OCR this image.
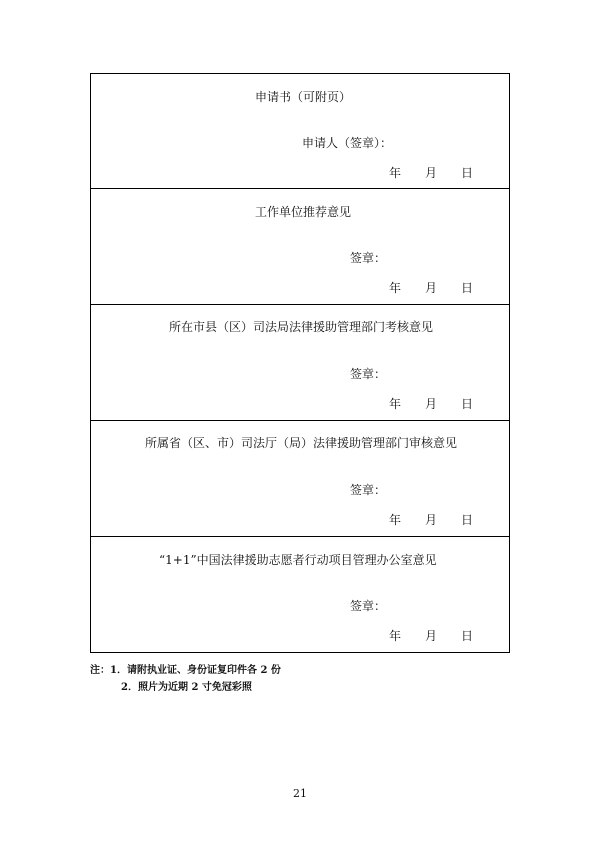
申请书（可附页）
申请人（签章）：
年 月 日
工作单位推荐意见
签章：
年 月 日
所在市县（区）司法局法律援助管理部门考核意见
签章：
年 月 日
所属省（区、市）司法厅（局）法律援助管理部门审核意见
签章：
年 月 日
“1+1”中国法律援助志愿者行动项目管理办公室意见
签章：
年 月 日
注：1．请附执业证、身份证复印件各 2 份
2．照片为近期 2 寸免冠彩照
21
